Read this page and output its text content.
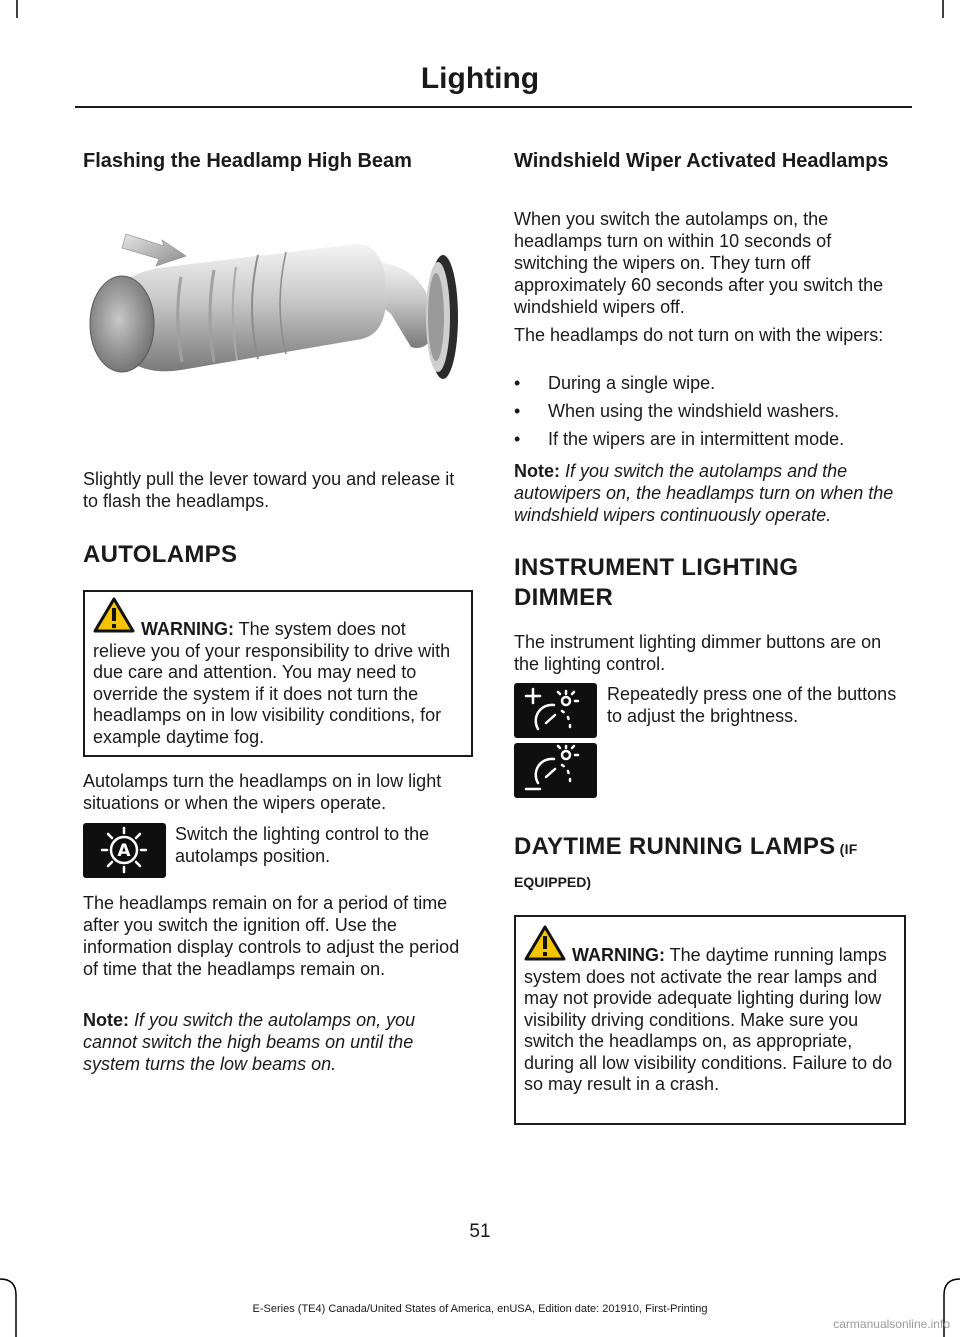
Lighting
Flashing the Headlamp High Beam

Slightly pull the lever toward you and release it to flash the headlamps.

AUTOLAMPS

WARNING: The system does not relieve you of your responsibility to drive with due care and attention. You may need to override the system if it does not turn the headlamps on in low visibility conditions, for example daytime fog.

Autolamps turn the headlamps on in low light situations or when the wipers operate.

A

Switch the lighting control to the autolamps position.

The headlamps remain on for a period of time after you switch the ignition off. Use the information display controls to adjust the period of time that the headlamps remain on.

Note: If you switch the autolamps on, you cannot switch the high beams on until the system turns the low beams on.

Windshield Wiper Activated Headlamps

When you switch the autolamps on, the headlamps turn on within 10 seconds of switching the wipers on. They turn off approximately 60 seconds after you switch the windshield wipers off.

The headlamps do not turn on with the wipers:

• During a single wipe.
• When using the windshield washers.
• If the wipers are in intermittent mode.

Note: If you switch the autolamps and the autowipers on, the headlamps turn on when the windshield wipers continuously operate.

INSTRUMENT LIGHTING
DIMMER

The instrument lighting dimmer buttons are on the lighting control.

Repeatedly press one of the buttons to adjust the brightness.

DAYTIME RUNNING LAMPS (IF
EQUIPPED)

WARNING: The daytime running lamps system does not activate the rear lamps and may not provide adequate lighting during low visibility driving conditions. Make sure you switch the headlamps on, as appropriate, during all low visibility conditions. Failure to do so may result in a crash.

51
E-Series (TE4) Canada/United States of America, enUSA, Edition date: 201910, First-Printing
carmanualsonline.info
